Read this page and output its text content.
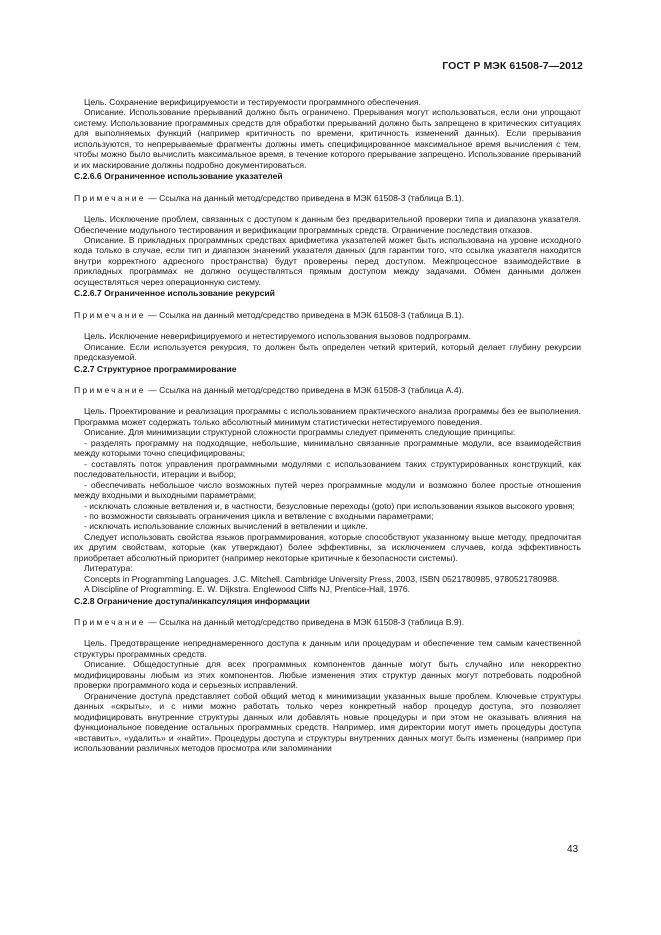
ГОСТ Р МЭК 61508-7—2012

Цель. Сохранение верифицируемости и тестируемости программного обеспечения.

Описание. Использование прерываний должно быть ограничено. Прерывания могут использоваться, если они упрощают систему. Использование программных средств для обработки прерываний должно быть запрещено в критических ситуациях для выполняемых функций (например критичность по времени, критичность изменений данных). Если прерывания используются, то непрерываемые фрагменты должны иметь специфицированное максимальное время вычисления с тем, чтобы можно было вычислить максимальное время, в течение которого прерывание запрещено. Использование прерываний и их маскирование должны подробно документироваться.

С.2.6.6 Ограниченное использование указателей

Примечание — Ссылка на данный метод/средство приведена в МЭК 61508-3 (таблица В.1).

Цель. Исключение проблем, связанных с доступом к данным без предварительной проверки типа и диапазона указателя. Обеспечение модульного тестирования и верификации программных средств. Ограничение последствия отказов.

Описание. В прикладных программных средствах арифметика указателей может быть использована на уровне исходного кода только в случае, если тип и диапазон значений указателя данных (для гарантии того, что ссылка указателя находится внутри корректного адресного пространства) будут проверены перед доступом. Межпроцессное взаимодействие в прикладных программах не должно осуществляться прямым доступом между задачами. Обмен данными должен осуществляться через операционную систему.

С.2.6.7 Ограниченное использование рекурсий

Примечание — Ссылка на данный метод/средство приведена в МЭК 61508-3 (таблица В.1).

Цель. Исключение неверифицируемого и нетестируемого использования вызовов подпрограмм.

Описание. Если используется рекурсия, то должен быть определен четкий критерий, который делает глубину рекурсии предсказуемой.

С.2.7 Структурное программирование

Примечание — Ссылка на данный метод/средство приведена в МЭК 61508-3 (таблица А.4).

Цель. Проектирование и реализация программы с использованием практического анализа программы без ее выполнения. Программа может содержать только абсолютный минимум статистически нетестируемого поведения.

Описание. Для минимизации структурной сложности программы следует применять следующие принципы:

- разделять программу на подходящие, небольшие, минимально связанные программные модули, все взаимодействия между которыми точно специфицированы;

- составлять поток управления программными модулями с использованием таких структурированных конструкций, как последовательности, итерации и выбор;

- обеспечивать небольшое число возможных путей через программные модули и возможно более простые отношения между входными и выходными параметрами;

- исключать сложные ветвления и, в частности, безусловные переходы (goto) при использовании языков высокого уровня;

- по возможности связывать ограничения цикла и ветвление с входными параметрами;

- исключать использование сложных вычислений в ветвлении и цикле.

Следует использовать свойства языков программирования, которые способствуют указанному выше методу, предпочитая их другим свойствам, которые (как утверждают) более эффективны, за исключением случаев, когда эффективность приобретает абсолютный приоритет (например некоторые критичные к безопасности системы).

Литература:

Concepts in Programming Languages. J.C. Mitchell. Cambridge University Press, 2003, ISBN 0521780985, 9780521780988.

A Discipline of Programming. E. W. Dijkstra. Englewood Cliffs NJ, Prentice-Hall, 1976.

С.2.8 Ограничение доступа/инкапсуляция информации

Примечание — Ссылка на данный метод/средство приведена в МЭК 61508-3 (таблица В.9).

Цель. Предотвращение непреднамеренного доступа к данным или процедурам и обеспечение тем самым качественной структуры программных средств.

Описание. Общедоступные для всех программных компонентов данные могут быть случайно или некорректно модифицированы любым из этих компонентов. Любые изменения этих структур данных могут потребовать подробной проверки программного кода и серьезных исправлений.

Ограничение доступа представляет собой общий метод к минимизации указанных выше проблем. Ключевые структуры данных «скрыты», и с ними можно работать только через конкретный набор процедур доступа, это позволяет модифицировать внутренние структуры данных или добавлять новые процедуры и при этом не оказывать влияния на функциональное поведение остальных программных средств. Например, имя директории могут иметь процедуры доступа «вставить», «удалить» и «найти». Процедуры доступа и структуры внутренних данных могут быть изменены (например при использовании различных методов просмотра или запоминании

43
